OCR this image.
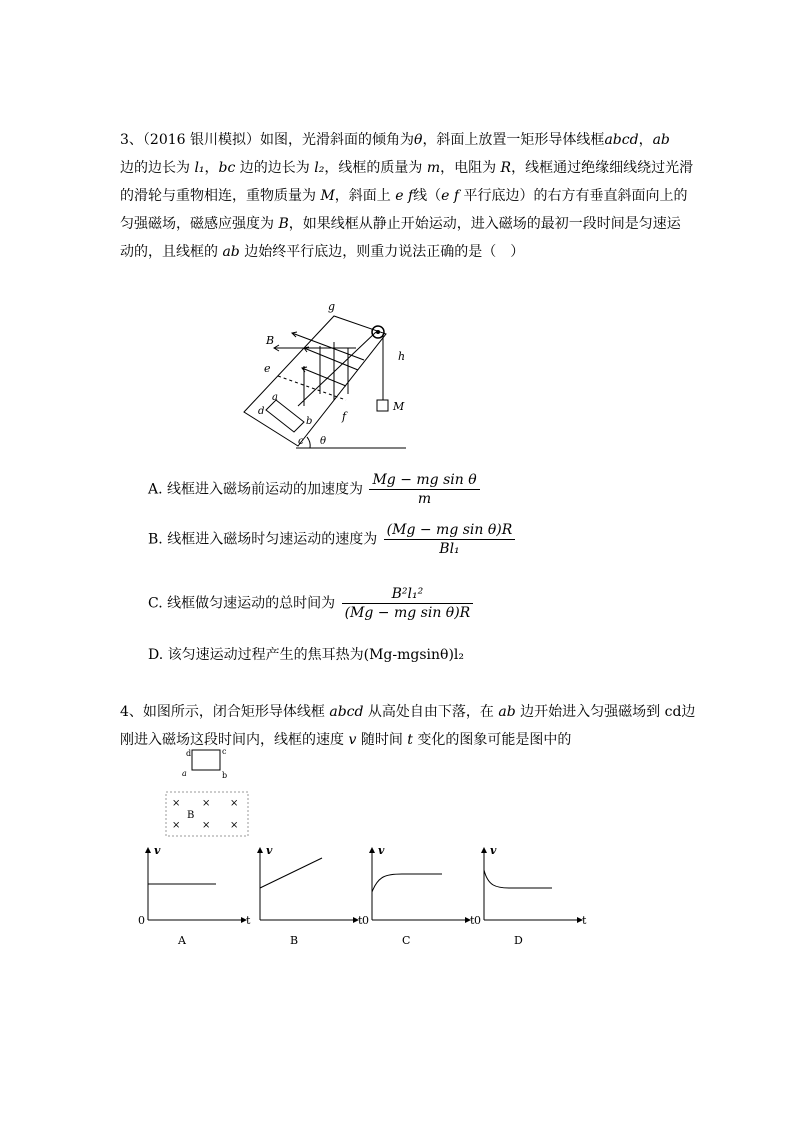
3、（2016 银川模拟）如图，光滑斜面的倾角为θ，斜面上放置一矩形导体线框abcd，ab
边的边长为 l₁，bc 边的边长为 l₂，线框的质量为 m，电阻为 R，线框通过绝缘细线绕过光滑
的滑轮与重物相连，重物质量为 M，斜面上 e f线（e f 平行底边）的右方有垂直斜面向上的
匀强磁场，磁感应强度为 B，如果线框从静止开始运动，进入磁场的最初一段时间是匀速运
动的，且线框的 ab 边始终平行底边，则重力说法正确的是（　）
g
h
B
e
a
d
b
c
f
M
θ
A. 线框进入磁场前运动的加速度为 $\frac{\text{Mg − mg sin θ}}{m}$
B. 线框进入磁场时匀速运动的速度为 $\frac{\text{(Mg − mg sin θ)R}}{\text{Bl₁}}$
C. 线框做匀速运动的总时间为 $\frac{\text{B²l₁²}}{\text{(Mg − mg sin θ)R}}$
D. 该匀速运动过程产生的焦耳热为(Mg-mgsinθ)l₂
4、如图所示，闭合矩形导体线框 abcd 从高处自由下落，在 ab 边开始进入匀强磁场到 cd边
刚进入磁场这段时间内，线框的速度 v 随时间 t 变化的图象可能是图中的
d	c
a	b
× × ×
× × ×
B
v
t
0
A
v
t
B
v
t
0
C
v
t
0
D
